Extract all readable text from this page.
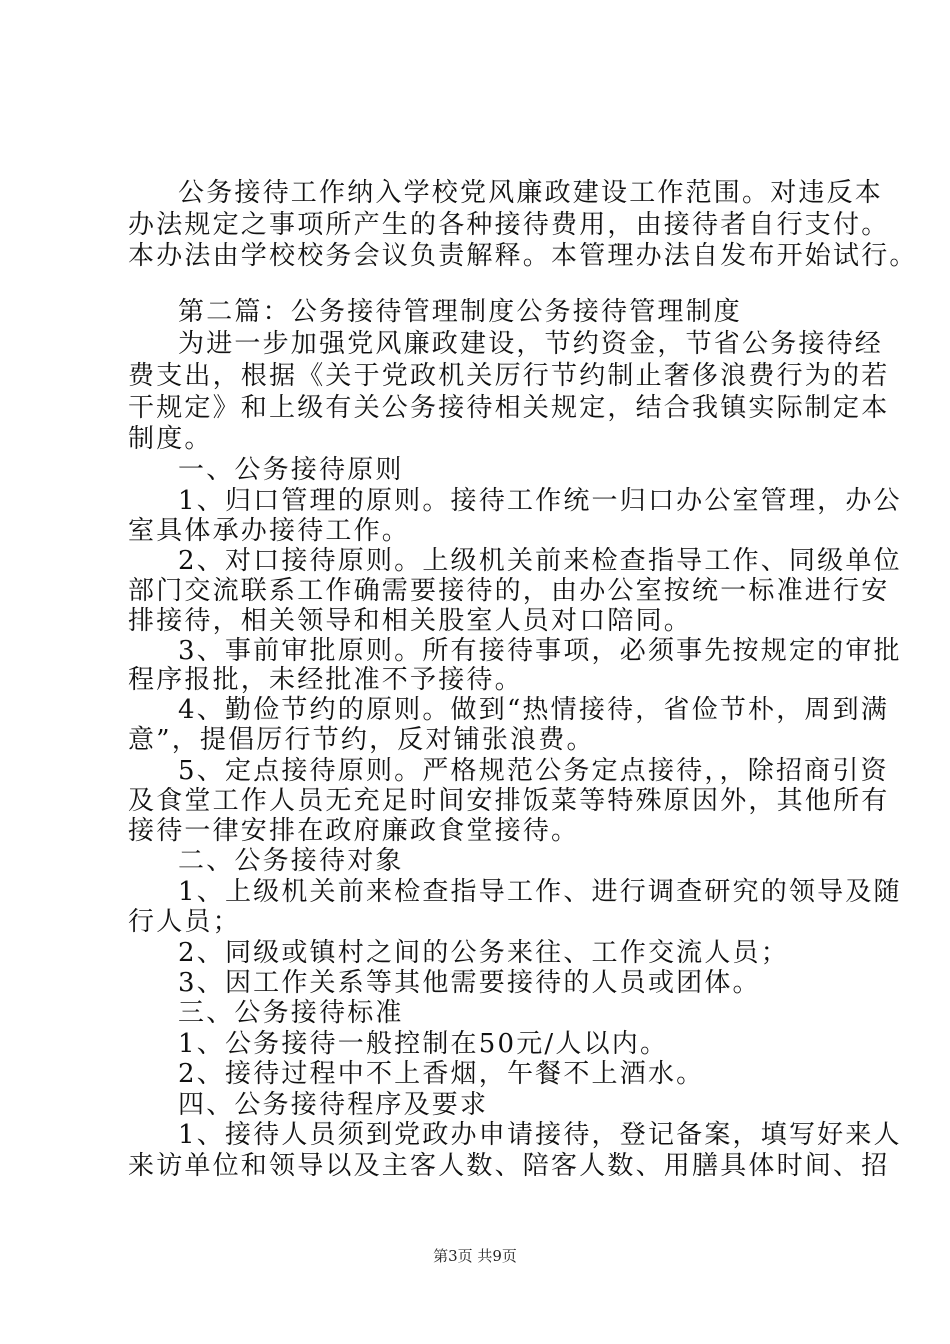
公务接待工作纳入学校党风廉政建设工作范围。对违反本
办法规定之事项所产生的各种接待费用，由接待者自行支付。
本办法由学校校务会议负责解释。本管理办法自发布开始试行。
第二篇：公务接待管理制度公务接待管理制度
为进一步加强党风廉政建设，节约资金，节省公务接待经
费支出，根据《关于党政机关厉行节约制止奢侈浪费行为的若
干规定》和上级有关公务接待相关规定，结合我镇实际制定本
制度。
一、公务接待原则
1、归口管理的原则。接待工作统一归口办公室管理，办公
室具体承办接待工作。
2、对口接待原则。上级机关前来检查指导工作、同级单位
部门交流联系工作确需要接待的，由办公室按统一标准进行安
排接待，相关领导和相关股室人员对口陪同。
3、事前审批原则。所有接待事项，必须事先按规定的审批
程序报批，未经批准不予接待。
4、勤俭节约的原则。做到“热情接待，省俭节朴，周到满
意”，提倡厉行节约，反对铺张浪费。
5、定点接待原则。严格规范公务定点接待，，除招商引资
及食堂工作人员无充足时间安排饭菜等特殊原因外，其他所有
接待一律安排在政府廉政食堂接待。
二、公务接待对象
1、上级机关前来检查指导工作、进行调查研究的领导及随
行人员；
2、同级或镇村之间的公务来往、工作交流人员；
3、因工作关系等其他需要接待的人员或团体。
三、公务接待标准
1、公务接待一般控制在50元/人以内。
2、接待过程中不上香烟，午餐不上酒水。
四、公务接待程序及要求
1、接待人员须到党政办申请接待，登记备案，填写好来人
来访单位和领导以及主客人数、陪客人数、用膳具体时间、招
第3页 共9页
